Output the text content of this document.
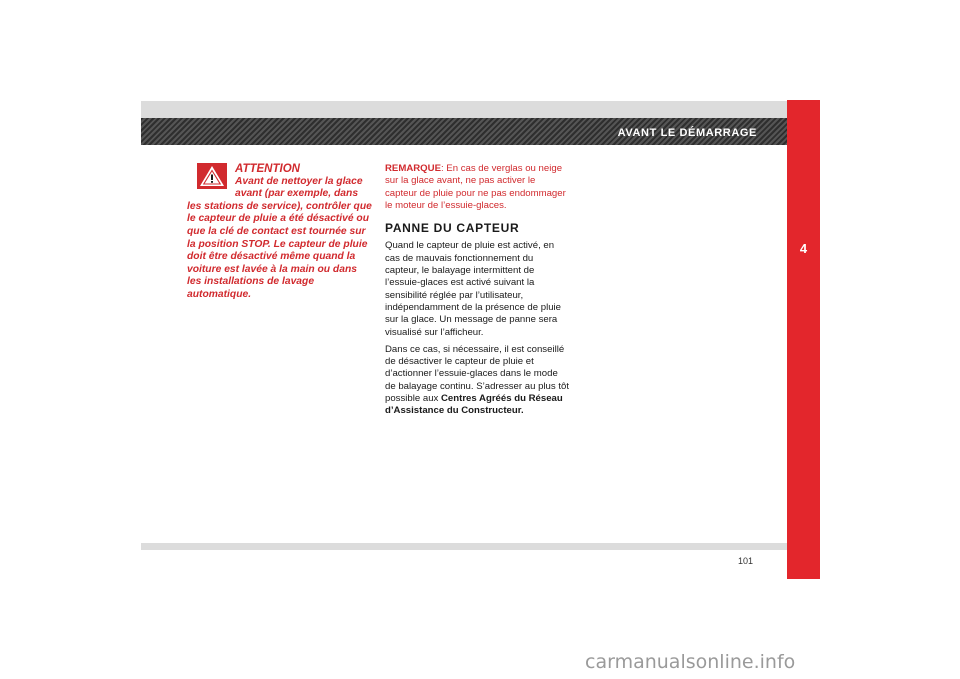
AVANT LE DÉMARRAGE
4
ATTENTION
Avant de nettoyer la glace avant (par exemple, dans les stations de service), contrôler que le capteur de pluie a été désactivé ou que la clé de contact est tournée sur la position STOP. Le capteur de pluie doit être désactivé même quand la voiture est lavée à la main ou dans les installations de lavage automatique.

REMARQUE: En cas de verglas ou neige sur la glace avant, ne pas activer le capteur de pluie pour ne pas endommager le moteur de l’essuie-glaces.

PANNE DU CAPTEUR

Quand le capteur de pluie est activé, en cas de mauvais fonctionnement du capteur, le balayage intermittent de l’essuie-glaces est activé suivant la sensibilité réglée par l’utilisateur, indépendamment de la présence de pluie sur la glace. Un message de panne sera visualisé sur l’afficheur.

Dans ce cas, si nécessaire, il est conseillé de désactiver le capteur de pluie et d’actionner l’essuie-glaces dans le mode de balayage continu. S’adresser au plus tôt possible aux Centres Agréés du Réseau d’Assistance du Constructeur.

101
carmanualsonline.info
